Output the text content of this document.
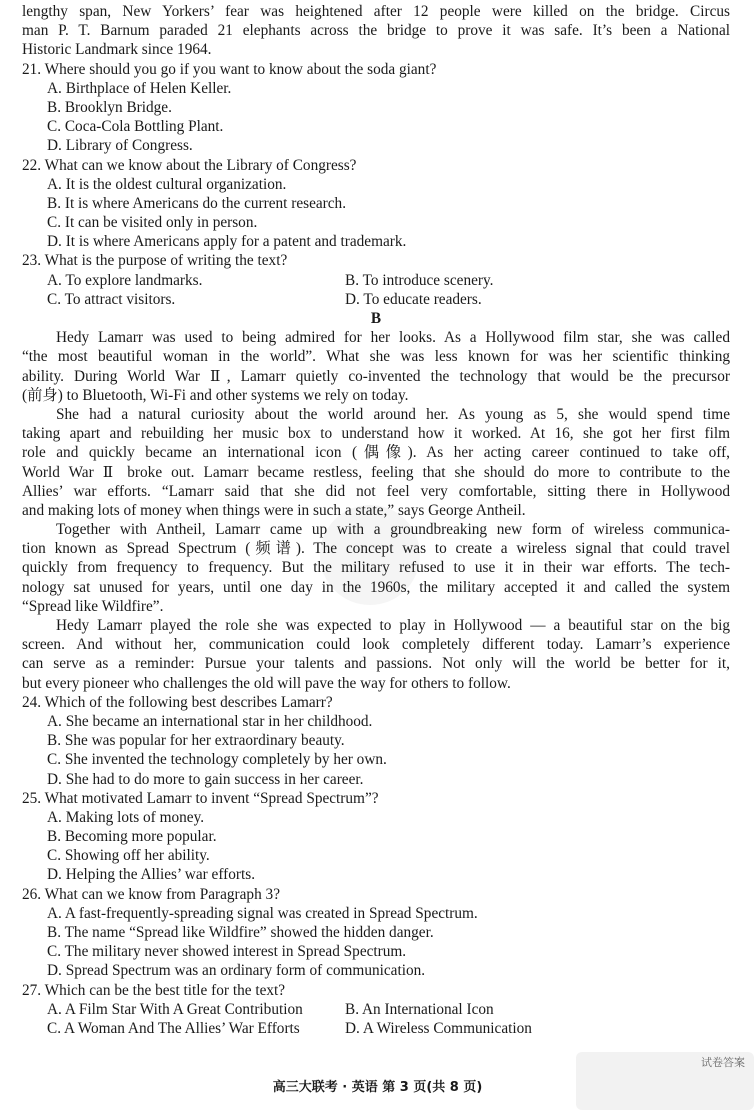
lengthy span, New Yorkers’ fear was heightened after 12 people were killed on the bridge. Circus
man P. T. Barnum paraded 21 elephants across the bridge to prove it was safe. It’s been a National
Historic Landmark since 1964.
21. Where should you go if you want to know about the soda giant?
A. Birthplace of Helen Keller.
B. Brooklyn Bridge.
C. Coca-Cola Bottling Plant.
D. Library of Congress.
22. What can we know about the Library of Congress?
A. It is the oldest cultural organization.
B. It is where Americans do the current research.
C. It can be visited only in person.
D. It is where Americans apply for a patent and trademark.
23. What is the purpose of writing the text?
A. To explore landmarks.	B. To introduce scenery.
C. To attract visitors.	D. To educate readers.
B
Hedy Lamarr was used to being admired for her looks. As a Hollywood film star, she was called
“the most beautiful woman in the world”. What she was less known for was her scientific thinking
ability. During World War Ⅱ, Lamarr quietly co-invented the technology that would be the precursor
(前身) to Bluetooth, Wi-Fi and other systems we rely on today.
She had a natural curiosity about the world around her. As young as 5, she would spend time
taking apart and rebuilding her music box to understand how it worked. At 16, she got her first film
role and quickly became an international icon (偶像). As her acting career continued to take off,
World War Ⅱ broke out. Lamarr became restless, feeling that she should do more to contribute to the
Allies’ war efforts. “Lamarr said that she did not feel very comfortable, sitting there in Hollywood
and making lots of money when things were in such a state,” says George Antheil.
Together with Antheil, Lamarr came up with a groundbreaking new form of wireless communica-
tion known as Spread Spectrum (频谱). The concept was to create a wireless signal that could travel
quickly from frequency to frequency. But the military refused to use it in their war efforts. The tech-
nology sat unused for years, until one day in the 1960s, the military accepted it and called the system
“Spread like Wildfire”.
Hedy Lamarr played the role she was expected to play in Hollywood — a beautiful star on the big
screen. And without her, communication could look completely different today. Lamarr’s experience
can serve as a reminder: Pursue your talents and passions. Not only will the world be better for it,
but every pioneer who challenges the old will pave the way for others to follow.
24. Which of the following best describes Lamarr?
A. She became an international star in her childhood.
B. She was popular for her extraordinary beauty.
C. She invented the technology completely by her own.
D. She had to do more to gain success in her career.
25. What motivated Lamarr to invent “Spread Spectrum”?
A. Making lots of money.
B. Becoming more popular.
C. Showing off her ability.
D. Helping the Allies’ war efforts.
26. What can we know from Paragraph 3?
A. A fast-frequently-spreading signal was created in Spread Spectrum.
B. The name “Spread like Wildfire” showed the hidden danger.
C. The military never showed interest in Spread Spectrum.
D. Spread Spectrum was an ordinary form of communication.
27. Which can be the best title for the text?
A. A Film Star With A Great Contribution	B. An International Icon
C. A Woman And The Allies’ War Efforts	D. A Wireless Communication
试卷答案
高三大联考 · 英语 第 3 页(共 8 页)
